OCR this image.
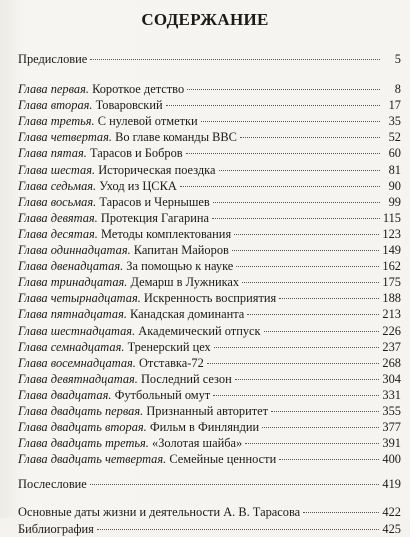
СОДЕРЖАНИЕ
Предисловие	5
Глава первая. Короткое детство	8
Глава вторая. Товаровский	17
Глава третья. С нулевой отметки	35
Глава четвертая. Во главе команды ВВС	52
Глава пятая. Тарасов и Бобров	60
Глава шестая. Историческая поездка	81
Глава седьмая. Уход из ЦСКА	90
Глава восьмая. Тарасов и Чернышев	99
Глава девятая. Протекция Гагарина	115
Глава десятая. Методы комплектования	123
Глава одиннадцатая. Капитан Майоров	149
Глава двенадцатая. За помощью к науке	162
Глава тринадцатая. Демарш в Лужниках	175
Глава четырнадцатая. Искренность восприятия	188
Глава пятнадцатая. Канадская доминанта	213
Глава шестнадцатая. Академический отпуск	226
Глава семнадцатая. Тренерский цех	237
Глава восемнадцатая. Отставка-72	268
Глава девятнадцатая. Последний сезон	304
Глава двадцатая. Футбольный омут	331
Глава двадцать первая. Признанный авторитет	355
Глава двадцать вторая. Фильм в Финляндии	377
Глава двадцать третья. «Золотая шайба»	391
Глава двадцать четвертая. Семейные ценности	400
Послесловие	419
Основные даты жизни и деятельности А. В. Тарасова	422
Библиография	425
